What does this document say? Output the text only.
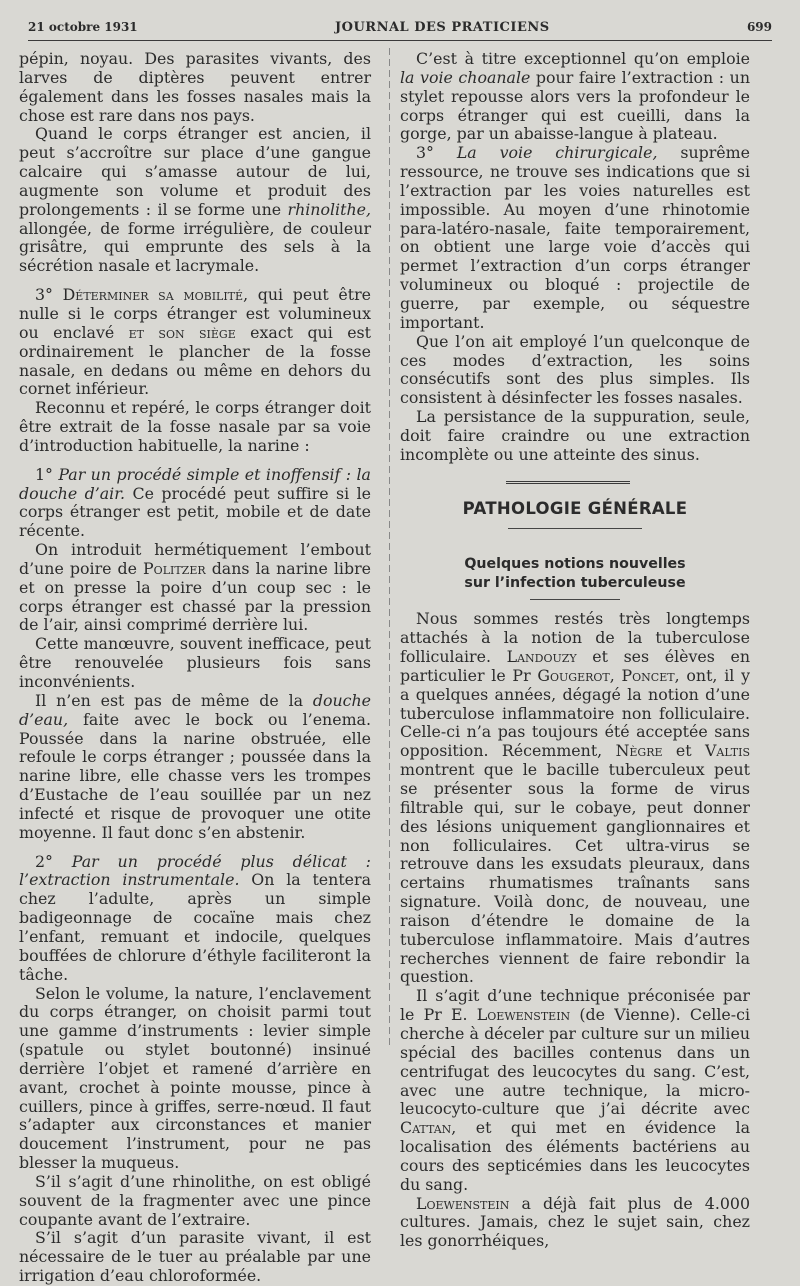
21 octobre 1931	JOURNAL DES PRATICIENS	699

pépin, noyau. Des parasites vivants, des larves de diptères peuvent entrer également dans les fosses nasales mais la chose est rare dans nos pays.

Quand le corps étranger est ancien, il peut s’accroître sur place d’une gangue calcaire qui s’amasse autour de lui, augmente son volume et produit des prolongements : il se forme une rhinolithe, allongée, de forme irrégulière, de couleur grisâtre, qui emprunte des sels à la sécrétion nasale et lacrymale.

3° Déterminer sa mobilité, qui peut être nulle si le corps étranger est volumineux ou enclavé et son siège exact qui est ordinairement le plancher de la fosse nasale, en dedans ou même en dehors du cornet inférieur.

Reconnu et repéré, le corps étranger doit être extrait de la fosse nasale par sa voie d’introduction habituelle, la narine :

1° Par un procédé simple et inoffensif : la douche d’air. Ce procédé peut suffire si le corps étranger est petit, mobile et de date récente.

On introduit hermétiquement l’embout d’une poire de Politzer dans la narine libre et on presse la poire d’un coup sec : le corps étranger est chassé par la pression de l’air, ainsi comprimé derrière lui.

Cette manœuvre, souvent inefficace, peut être renouvelée plusieurs fois sans inconvénients.

Il n’en est pas de même de la douche d’eau, faite avec le bock ou l’enema. Poussée dans la narine obstruée, elle refoule le corps étranger ; poussée dans la narine libre, elle chasse vers les trompes d’Eustache de l’eau souillée par un nez infecté et risque de provoquer une otite moyenne. Il faut donc s’en abstenir.

2° Par un procédé plus délicat : l’extraction instrumentale. On la tentera chez l’adulte, après un simple badigeonnage de cocaïne mais chez l’enfant, remuant et indocile, quelques bouffées de chlorure d’éthyle faciliteront la tâche.

Selon le volume, la nature, l’enclavement du corps étranger, on choisit parmi tout une gamme d’instruments : levier simple (spatule ou stylet boutonné) insinué derrière l’objet et ramené d’arrière en avant, crochet à pointe mousse, pince à cuillers, pince à griffes, serre-nœud. Il faut s’adapter aux circonstances et manier doucement l’instrument, pour ne pas blesser la muqueus.

S’il s’agit d’une rhinolithe, on est obligé souvent de la fragmenter avec une pince coupante avant de l’extraire.

S’il s’agit d’un parasite vivant, il est nécessaire de le tuer au préalable par une irrigation d’eau chloroformée.

C’est à titre exceptionnel qu’on emploie la voie choanale pour faire l’extraction : un stylet repousse alors vers la profondeur le corps étranger qui est cueilli, dans la gorge, par un abaisse-langue à plateau.

3° La voie chirurgicale, suprême ressource, ne trouve ses indications que si l’extraction par les voies naturelles est impossible. Au moyen d’une rhinotomie para-latéro-nasale, faite temporairement, on obtient une large voie d’accès qui permet l’extraction d’un corps étranger volumineux ou bloqué : projectile de guerre, par exemple, ou séquestre important.

Que l’on ait employé l’un quelconque de ces modes d’extraction, les soins consécutifs sont des plus simples. Ils consistent à désinfecter les fosses nasales.

La persistance de la suppuration, seule, doit faire craindre ou une extraction incomplète ou une atteinte des sinus.

PATHOLOGIE GÉNÉRALE
Quelques notions nouvelles
sur l’infection tuberculeuse

Nous sommes restés très longtemps attachés à la notion de la tuberculose folliculaire. Landouzy et ses élèves en particulier le Pr Gougerot, Poncet, ont, il y a quelques années, dégagé la notion d’une tuberculose inflammatoire non folliculaire. Celle-ci n’a pas toujours été acceptée sans opposition. Récemment, Nègre et Valtis montrent que le bacille tuberculeux peut se présenter sous la forme de virus filtrable qui, sur le cobaye, peut donner des lésions uniquement ganglionnaires et non folliculaires. Cet ultra-virus se retrouve dans les exsudats pleuraux, dans certains rhumatismes traînants sans signature. Voilà donc, de nouveau, une raison d’étendre le domaine de la tuberculose inflammatoire. Mais d’autres recherches viennent de faire rebondir la question.

Il s’agit d’une technique préconisée par le Pr E. Loewenstein (de Vienne). Celle-ci cherche à déceler par culture sur un milieu spécial des bacilles contenus dans un centrifugat des leucocytes du sang. C’est, avec une autre technique, la micro-leucocyto-culture que j’ai décrite avec Cattan, et qui met en évidence la localisation des éléments bactériens au cours des septicémies dans les leucocytes du sang.

Loewenstein a déjà fait plus de 4.000 cultures. Jamais, chez le sujet sain, chez les gonorrhéiques,
